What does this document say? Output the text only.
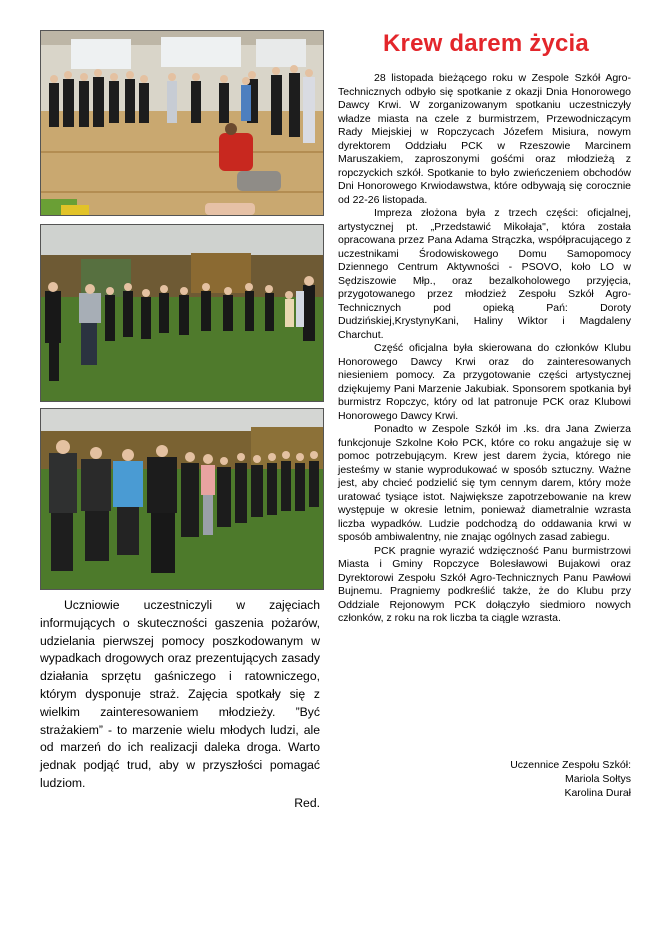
Uczniowie uczestniczyli w zajęciach informujących o skuteczności gaszenia pożarów, udzielania pierwszej pomocy poszkodowanym w wypadkach drogowych oraz prezentujących zasady działania sprzętu gaśniczego i ratowniczego, którym dysponuje straż. Zajęcia spotkały się z wielkim zainteresowaniem młodzieży. ”Być strażakiem” - to marzenie wielu młodych ludzi, ale od marzeń do ich realizacji daleka droga. Warto jednak podjąć trud, aby w przyszłości pomagać ludziom.

Red.

Krew darem życia

28 listopada bieżącego roku w Zespole Szkół Agro-Technicznych odbyło się spotkanie z okazji Dnia Honorowego Dawcy Krwi. W zorganizowanym spotkaniu uczestniczyły władze miasta na czele z burmistrzem, Przewodniczącym Rady Miejskiej w Ropczycach Józefem Misiura, nowym dyrektorem Oddziału PCK w Rzeszowie Marcinem Maruszakiem, zaproszonymi gośćmi oraz młodzieżą z ropczyckich szkół. Spotkanie to było zwieńczeniem obchodów Dni Honorowego Krwiodawstwa, które odbywają się corocznie od 22-26 listopada.

Impreza złożona była z trzech części: oficjalnej, artystycznej pt. „Przedstawić Mikołaja", która została opracowana przez Pana Adama Strączka, współpracującego z uczestnikami Środowiskowego Domu Samopomocy Dziennego Centrum Aktywności - PSOVO, koło LO w Sędziszowie Młp., oraz bezalkoholowego przyjęcia, przygotowanego przez młodzież Zespołu Szkół Agro-Technicznych pod opieką Pań: Doroty Dudzińskiej,KrystynyKani, Haliny Wiktor i Magdaleny Charchut.

Część oficjalna była skierowana do członków Klubu Honorowego Dawcy Krwi oraz do zainteresowanych niesieniem pomocy. Za przygotowanie części artystycznej dziękujemy Pani Marzenie Jakubiak. Sponsorem spotkania był burmistrz Ropczyc, który od lat patronuje PCK oraz Klubowi Honorowego Dawcy Krwi.

Ponadto w Zespole Szkół im .ks. dra Jana Zwierza funkcjonuje Szkolne Koło PCK, które co roku angażuje się w pomoc potrzebującym. Krew jest darem życia, którego nie jesteśmy w stanie wyprodukować w sposób sztuczny. Ważne jest, aby chcieć podzielić się tym cennym darem, który może uratować tysiące istot. Największe zapotrzebowanie na krew występuje w okresie letnim, ponieważ diametralnie wzrasta liczba wypadków. Ludzie podchodzą do oddawania krwi w sposób ambiwalentny, nie znając ogólnych zasad zabiegu.

PCK pragnie wyrazić wdzięczność Panu burmistrzowi Miasta i Gminy Ropczyce Bolesławowi Bujakowi oraz Dyrektorowi Zespołu Szkół Agro-Technicznych Panu Pawłowi Bujnemu. Pragniemy podkreślić także, że do Klubu przy Oddziale Rejonowym PCK dołączyło siedmioro nowych członków, z roku na rok liczba ta ciągle wzrasta.

Uczennice Zespołu Szkół:
Mariola Sołtys
Karolina Durał
